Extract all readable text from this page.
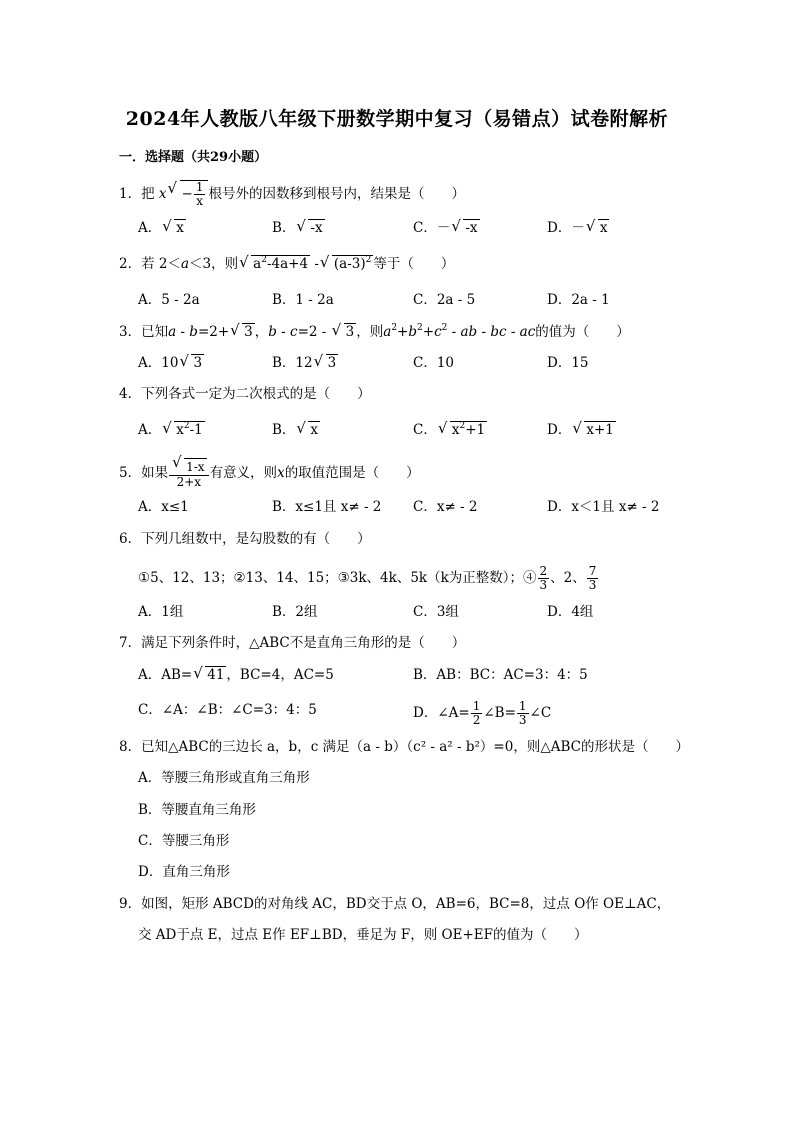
2024年人教版八年级下册数学期中复习（易错点）试卷附解析
一．选择题（共29小题）
1．把 $x√ - \frac{1}{x}$ 根号外的因数移到根号内，结果是（　　）
A．√ x	B．√ -x	C．－√ -x	D．－√ x
2．若 2＜a＜3，则√ $a^2-4a+4$ -√ $(a-3)^2$ 等于（　　）
A．5 - 2a	B．1 - 2a	C．2a - 5	D．2a - 1
3．已知a - b=2+√ 3 ，b - c=2 - √ 3 ，则$a^2+b^2+c^2$ - ab - bc - ac的值为（　　）
A．10√ 3	B．12√ 3	C．10	D．15
4．下列各式一定为二次根式的是（　　）
A．√ $x^2-1$	B．√ x	C．√ $x^2+1$	D．√ x+1
5．如果
√ $\frac{1-x}{2+x}$ 有意义，则x的取值范围是（　　）
A．x≤1	B．x≤1且 x≠ - 2 C．x≠ - 2	D．x＜1且 x≠ - 2
6．下列几组数中，是勾股数的有（　　）
①5、12、13；②13、14、15；③3k、4k、5k（k为正整数）；④ $\frac{2}{3}$ 、2、 $\frac{7}{3}$
A．1组	B．2组	C．3组	D．4组
7．满足下列条件时，△ABC不是直角三角形的是（　　）
A．AB=√ 41 ，BC=4，AC=5	B．AB：BC：AC=3：4：5
C．∠A：∠B：∠C=3：4：5	D．∠A= $\frac{1}{2}$ ∠B= $\frac{1}{3}$ ∠C
8．已知△ABC的三边长 a，b，c 满足（a - b）（c² - a² - b²）=0，则△ABC的形状是（　　）
A．等腰三角形或直角三角形
B．等腰直角三角形
C．等腰三角形
D．直角三角形
9．如图，矩形 ABCD的对角线 AC，BD交于点 O，AB=6，BC=8，过点 O作 OE⊥AC，
交 AD于点 E，过点 E作 EF⊥BD，垂足为 F，则 OE+EF的值为（　　）
